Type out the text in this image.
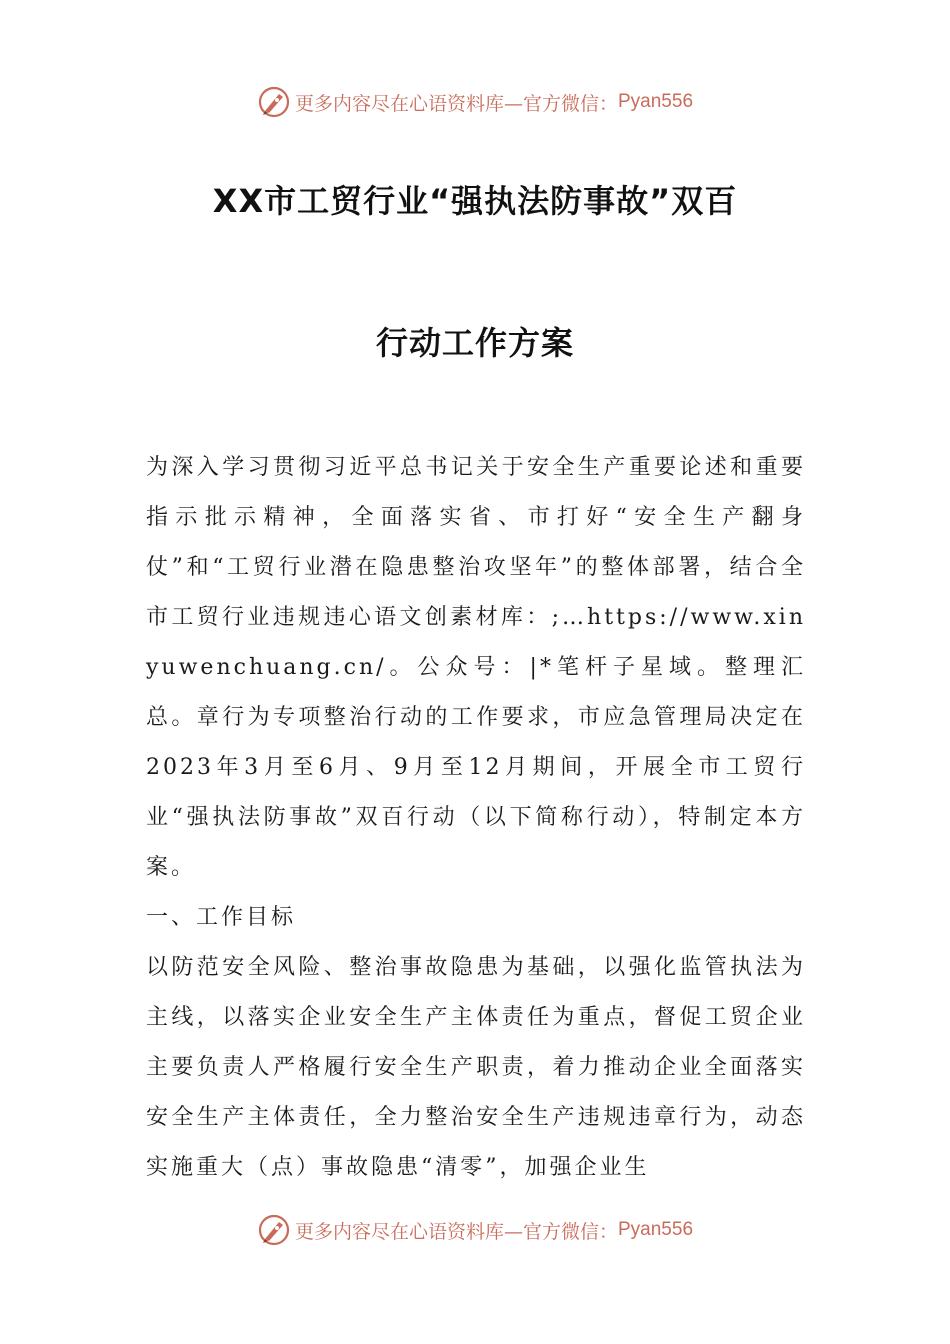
更多内容尽在心语资料库—官方微信： Pyan556
XX市工贸行业“强执法防事故”双百
行动工作方案

为深入学习贯彻习近平总书记关于安全生产重要论述和重要指示批示精神，全面落实省、市打好“安全生产翻身仗”和“工贸行业潜在隐患整治攻坚年”的整体部署，结合全市工贸行业违规违心语文创素材库：;…https://www.xinyuwenchuang.cn/。公众号：|*笔杆子星域。整理汇总。章行为专项整治行动的工作要求，市应急管理局决定在2023年3月至6月、9月至12月期间，开展全市工贸行业“强执法防事故”双百行动（以下简称行动），特制定本方案。

一、工作目标

以防范安全风险、整治事故隐患为基础，以强化监管执法为主线，以落实企业安全生产主体责任为重点，督促工贸企业主要负责人严格履行安全生产职责，着力推动企业全面落实安全生产主体责任，全力整治安全生产违规违章行为，动态实施重大（点）事故隐患“清零”，加强企业生

更多内容尽在心语资料库—官方微信： Pyan556
